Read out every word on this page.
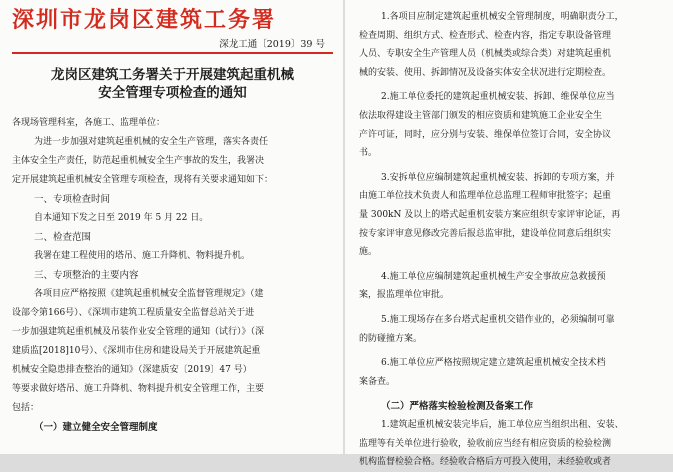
深圳市龙岗区建筑工务署
深龙工通〔2019〕39 号
龙岗区建筑工务署关于开展建筑起重机械
安全管理专项检查的通知
各现场管理科室，各施工、监理单位：
为进一步加强对建筑起重机械的安全生产管理，落实各责任
主体安全生产责任，防范起重机械安全生产事故的发生，我署决
定开展建筑起重机械安全管理专项检查，现将有关要求通知如下：
一、专项检查时间
自本通知下发之日至 2019 年 5 月 22 日。
二、检查范围
我署在建工程使用的塔吊、施工升降机、物料提升机。
三、专项整治的主要内容
各项目应严格按照《建筑起重机械安全监督管理规定》（建
设部令第166号）、《深圳市建筑工程质量安全监督总站关于进
一步加强建筑起重机械及吊装作业安全管理的通知（试行）》（深
建质监[2018]10号）、《深圳市住房和建设局关于开展建筑起重
机械安全隐患排查整治的通知》（深建质安〔2019〕47 号）
等要求做好塔吊、施工升降机、物料提升机安全管理工作，主要
包括：
（一）建立健全安全管理制度
1.各项目应制定建筑起重机械安全管理制度，明确职责分工，
检查周期、组织方式、检查形式、检查内容，指定专职设备管理
人员、专职安全生产管理人员（机械类或综合类）对建筑起重机
械的安装、使用、拆卸情况及设备实体安全状况进行定期检查。
2.施工单位委托的建筑起重机械安装、拆卸、维保单位应当
依法取得建设主管部门颁发的相应资质和建筑施工企业安全生
产许可证，同时，应分别与安装、维保单位签订合同，安全协议
书。
3.安拆单位应编制建筑起重机械安装、拆卸的专项方案，并
由施工单位技术负责人和监理单位总监理工程师审批签字；起重
量 300kN 及以上的塔式起重机安装方案应组织专家评审论证，再
按专家评审意见修改完善后报总监审批，建设单位同意后组织实
施。
4.施工单位应编制建筑起重机械生产安全事故应急救援预
案，报监理单位审批。
5.施工现场存在多台塔式起重机交错作业的，必须编制可靠
的防碰撞方案。
6.施工单位应严格按照规定建立建筑起重机械安全技术档
案备查。
（二）严格落实检验检测及备案工作
1.建筑起重机械安装完毕后，施工单位应当组织出租、安装、
监理等有关单位进行验收，验收前应当经有相应资质的检验检测
机构监督检验合格。经验收合格后方可投入使用，未经验收或者
